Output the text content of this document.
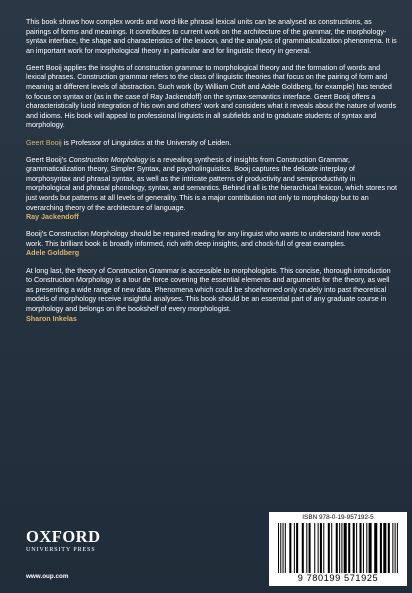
This book shows how complex words and word-like phrasal lexical units can be analysed as constructions, as pairings of forms and meanings. It contributes to current work on the architecture of the grammar, the morphology-syntax interface, the shape and characteristics of the lexicon, and the analysis of grammaticalization phenomena. It is an important work for morphological theory in particular and for linguistic theory in general.

Geert Booij applies the insights of construction grammar to morphological theory and the formation of words and lexical phrases. Construction grammar refers to the class of linguistic theories that focus on the pairing of form and meaning at different levels of abstraction. Such work (by William Croft and Adele Goldberg, for example) has tended to focus on syntax or (as in the case of Ray Jackendoff) on the syntax-semantics interface. Geert Booij offers a characteristically lucid integration of his own and others' work and considers what it reveals about the nature of words and idioms. His book will appeal to professional linguists in all subfields and to graduate students of syntax and morphology.

Geert Booij is Professor of Linguistics at the University of Leiden.

Geert Booij's Construction Morphology is a revealing synthesis of insights from Construction Grammar, grammaticalization theory, Simpler Syntax, and psycholinguistics. Booij captures the delicate interplay of morphosyntax and phrasal syntax, as well as the intricate patterns of productivity and semiproductivity in morphological and phrasal phonology, syntax, and semantics. Behind it all is the hierarchical lexicon, which stores not just words but patterns at all levels of generality. This is a major contribution not only to morphology but to an overarching theory of the architecture of language.
Ray Jackendoff

Booij's Construction Morphology should be required reading for any linguist who wants to understand how words work. This brilliant book is broadly informed, rich with deep insights, and chock-full of great examples.
Adele Goldberg

At long last, the theory of Construction Grammar is accessible to morphologists. This concise, thorough introduction to Construction Morphology is a tour de force covering the essential elements and arguments for the theory, as well as presenting a wide range of new data. Phenomena which could be shoehorned only crudely into past theoretical models of morphology receive insightful analyses. This book should be an essential part of any graduate course in morphology and belongs on the bookshelf of every morphologist.
Sharon Inkelas

OXFORD
UNIVERSITY PRESS
www.oup.com
ISBN 978-0-19-957192-5
9 780199 571925
